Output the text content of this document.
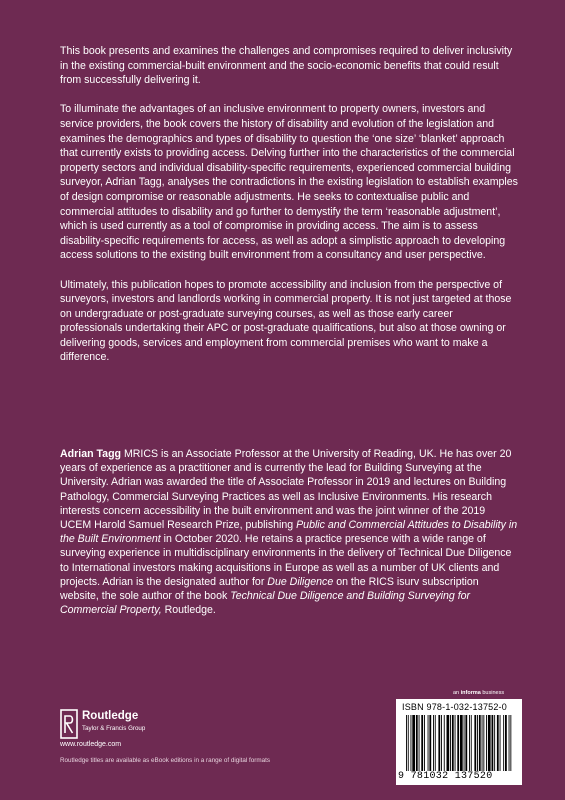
This book presents and examines the challenges and compromises required to deliver inclusivity in the existing commercial-built environment and the socio-economic benefits that could result from successfully delivering it.

To illuminate the advantages of an inclusive environment to property owners, investors and service providers, the book covers the history of disability and evolution of the legislation and examines the demographics and types of disability to question the ‘one size’ ‘blanket’ approach that currently exists to providing access. Delving further into the characteristics of the commercial property sectors and individual disability-specific requirements, experienced commercial building surveyor, Adrian Tagg, analyses the contradictions in the existing legislation to establish examples of design compromise or reasonable adjustments. He seeks to contextualise public and commercial attitudes to disability and go further to demystify the term ‘reasonable adjustment’, which is used currently as a tool of compromise in providing access. The aim is to assess disability-specific requirements for access, as well as adopt a simplistic approach to developing access solutions to the existing built environment from a consultancy and user perspective.

Ultimately, this publication hopes to promote accessibility and inclusion from the perspective of surveyors, investors and landlords working in commercial property. It is not just targeted at those on undergraduate or post-graduate surveying courses, as well as those early career professionals undertaking their APC or post-graduate qualifications, but also at those owning or delivering goods, services and employment from commercial premises who want to make a difference.

Adrian Tagg MRICS is an Associate Professor at the University of Reading, UK. He has over 20 years of experience as a practitioner and is currently the lead for Building Surveying at the University. Adrian was awarded the title of Associate Professor in 2019 and lectures on Building Pathology, Commercial Surveying Practices as well as Inclusive Environments. His research interests concern accessibility in the built environment and was the joint winner of the 2019 UCEM Harold Samuel Research Prize, publishing Public and Commercial Attitudes to Disability in the Built Environment in October 2020. He retains a practice presence with a wide range of surveying experience in multidisciplinary environments in the delivery of Technical Due Diligence to International investors making acquisitions in Europe as well as a number of UK clients and projects. Adrian is the designated author for Due Diligence on the RICS isurv subscription website, the sole author of the book Technical Due Diligence and Building Surveying for Commercial Property, Routledge.

an informa business
ISBN 978-1-032-13752-0
9 781032 137520
Routledge
Taylor & Francis Group
www.routledge.com
Routledge titles are available as eBook editions in a range of digital formats
